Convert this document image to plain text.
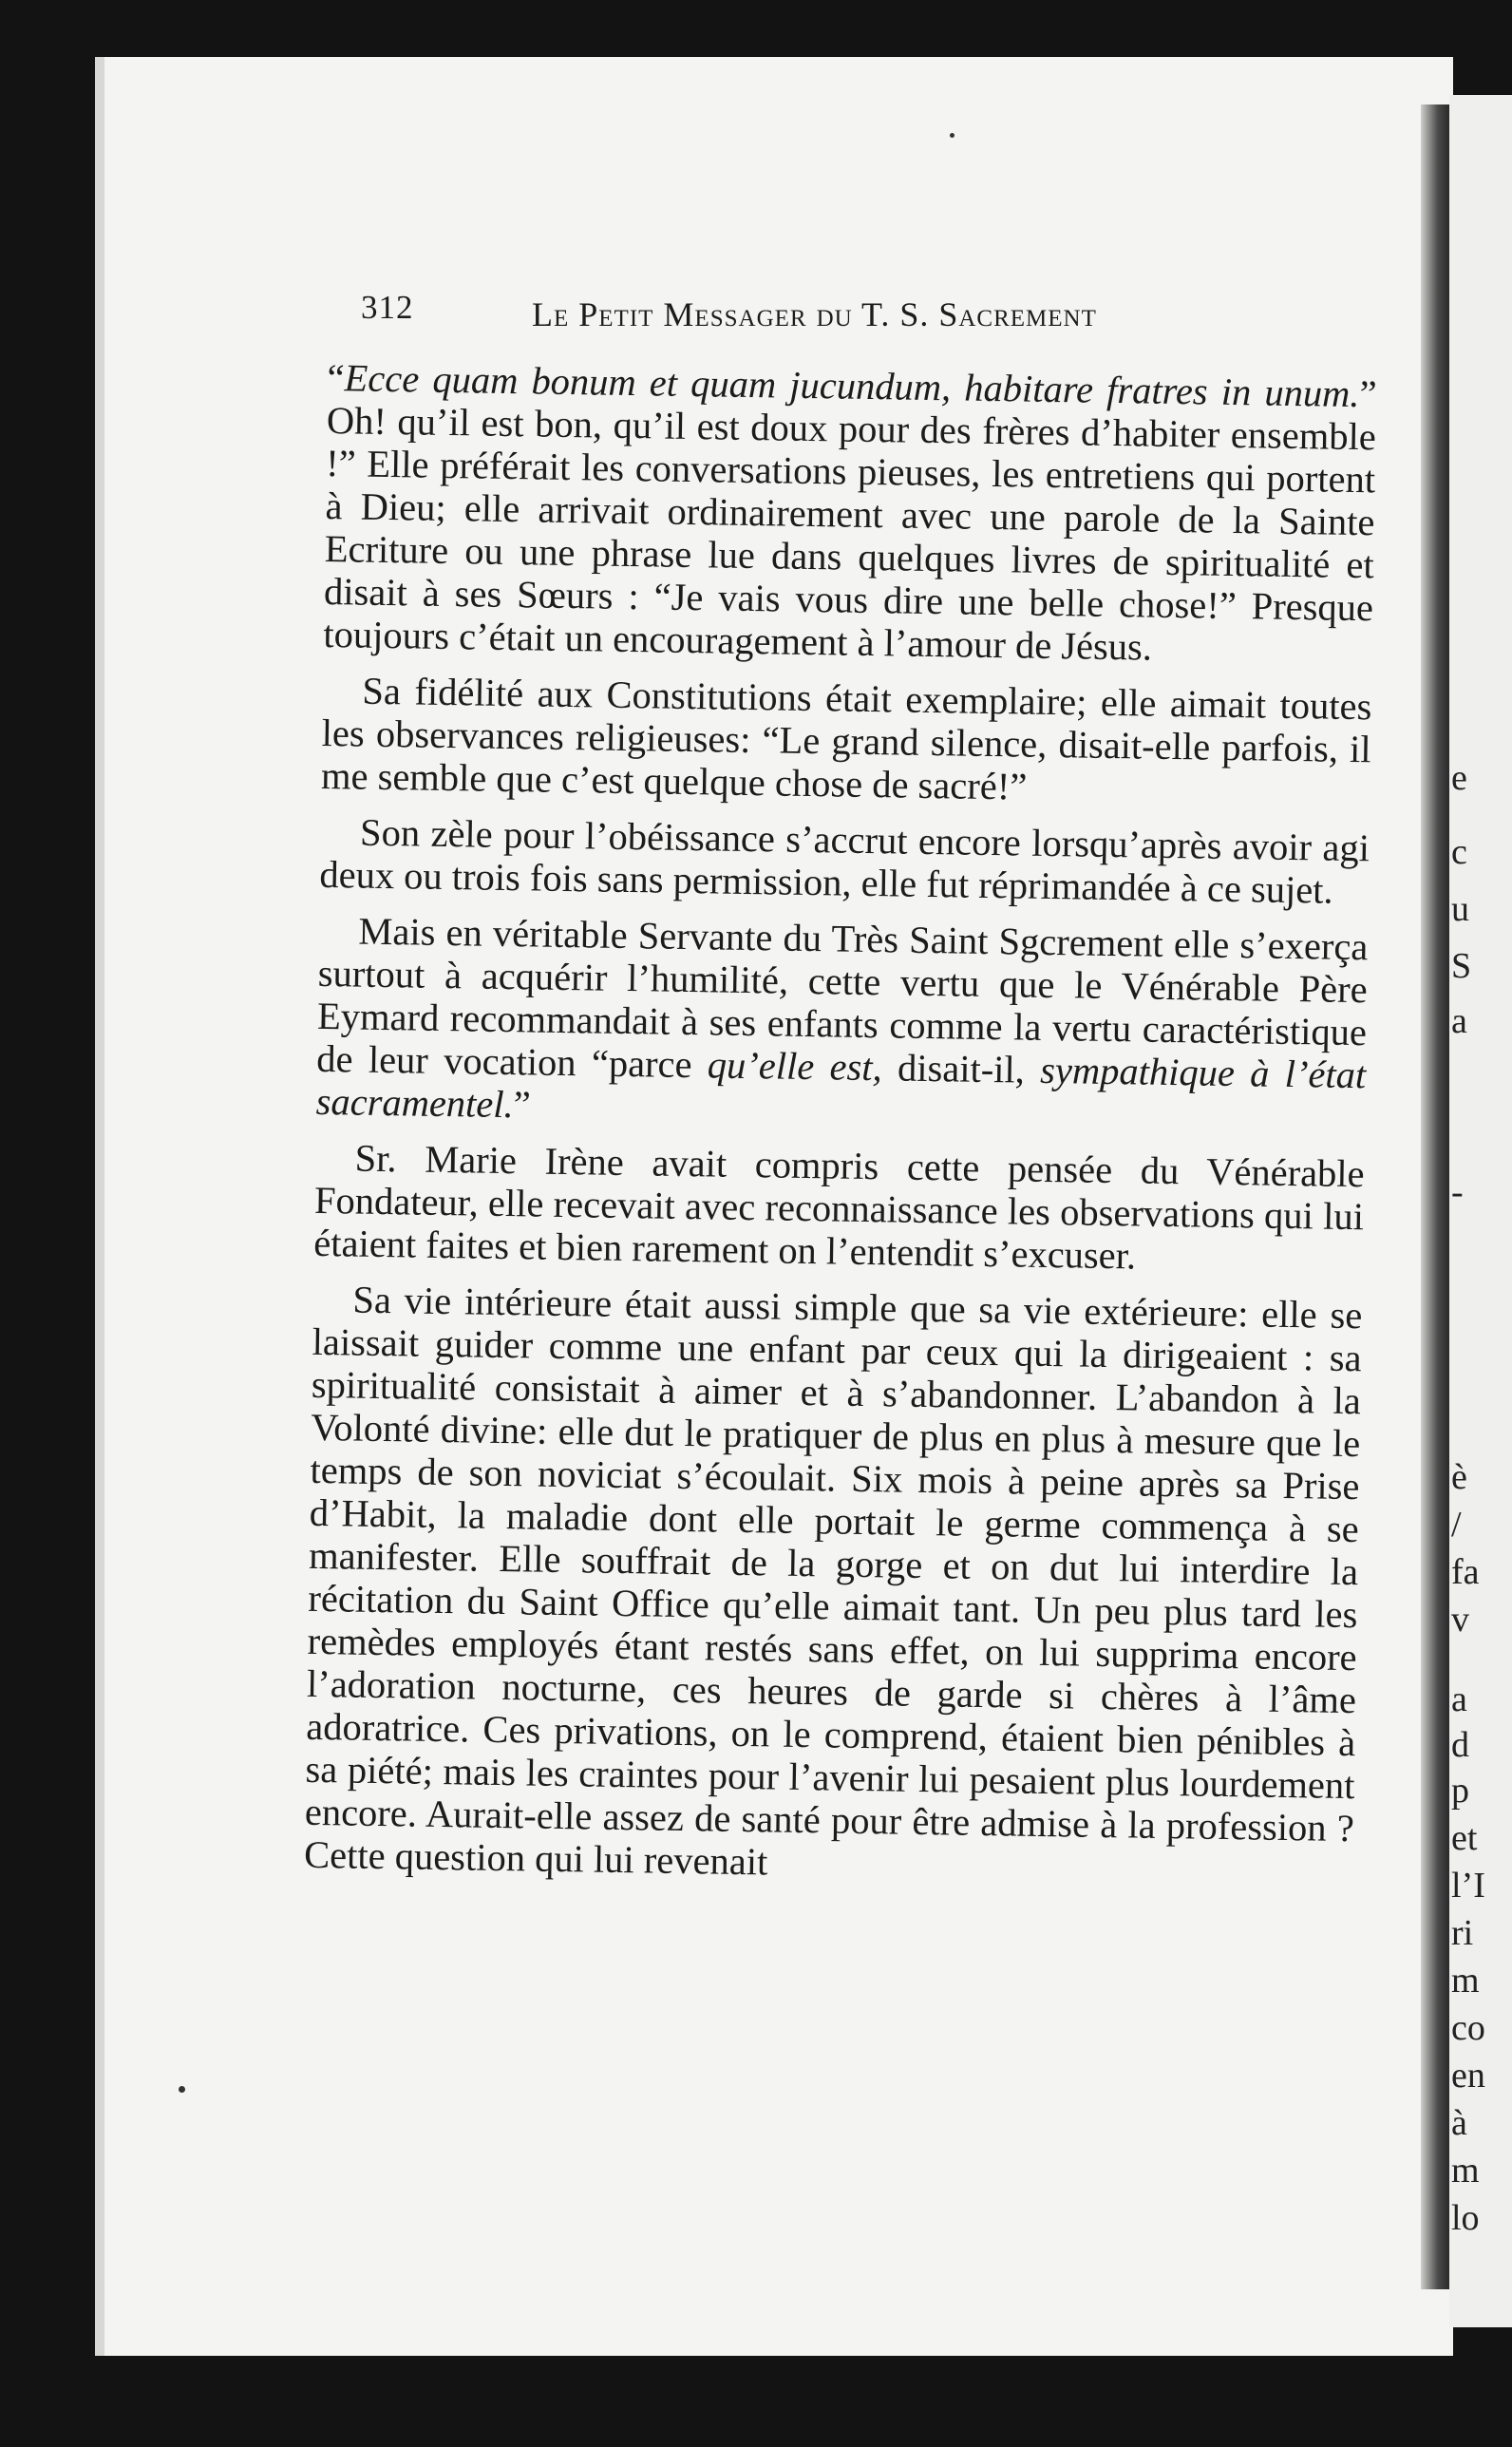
e
c
u
S
a
-
è
/
fa
v
a
d
p
et
l’I
ri
m
co
en
à
m
lo
312	Le Petit Messager du T. S. Sacrement

“Ecce quam bonum et quam jucundum, habitare fratres in unum.” Oh! qu’il est bon, qu’il est doux pour des frères d’habiter ensemble !” Elle préférait les conversations pieuses, les entretiens qui portent à Dieu; elle arrivait ordinairement avec une parole de la Sainte Ecriture ou une phrase lue dans quelques livres de spiritualité et disait à ses Sœurs : “Je vais vous dire une belle chose!” Presque toujours c’était un encouragement à l’amour de Jésus.

Sa fidélité aux Constitutions était exemplaire; elle aimait toutes les observances religieuses: “Le grand silence, disait-elle parfois, il me semble que c’est quelque chose de sacré!”

Son zèle pour l’obéissance s’accrut encore lorsqu’après avoir agi deux ou trois fois sans permission, elle fut réprimandée à ce sujet.

Mais en véritable Servante du Très Saint Sgcrement elle s’exerça surtout à acquérir l’humilité, cette vertu que le Vénérable Père Eymard recommandait à ses enfants comme la vertu caractéristique de leur vocation “parce qu’elle est, disait-il, sympathique à l’état sacramentel.”

Sr. Marie Irène avait compris cette pensée du Vénérable Fondateur, elle recevait avec reconnaissance les observations qui lui étaient faites et bien rarement on l’entendit s’excuser.

Sa vie intérieure était aussi simple que sa vie extérieure: elle se laissait guider comme une enfant par ceux qui la dirigeaient : sa spiritualité consistait à aimer et à s’abandonner. L’abandon à la Volonté divine: elle dut le pratiquer de plus en plus à mesure que le temps de son noviciat s’écoulait. Six mois à peine après sa Prise d’Habit, la maladie dont elle portait le germe commença à se manifester. Elle souffrait de la gorge et on dut lui interdire la récitation du Saint Office qu’elle aimait tant. Un peu plus tard les remèdes employés étant restés sans effet, on lui supprima encore l’adoration nocturne, ces heures de garde si chères à l’âme adoratrice. Ces privations, on le comprend, étaient bien pénibles à sa piété; mais les craintes pour l’avenir lui pesaient plus lourdement encore. Aurait-elle assez de santé pour être admise à la profession ? Cette question qui lui revenait
